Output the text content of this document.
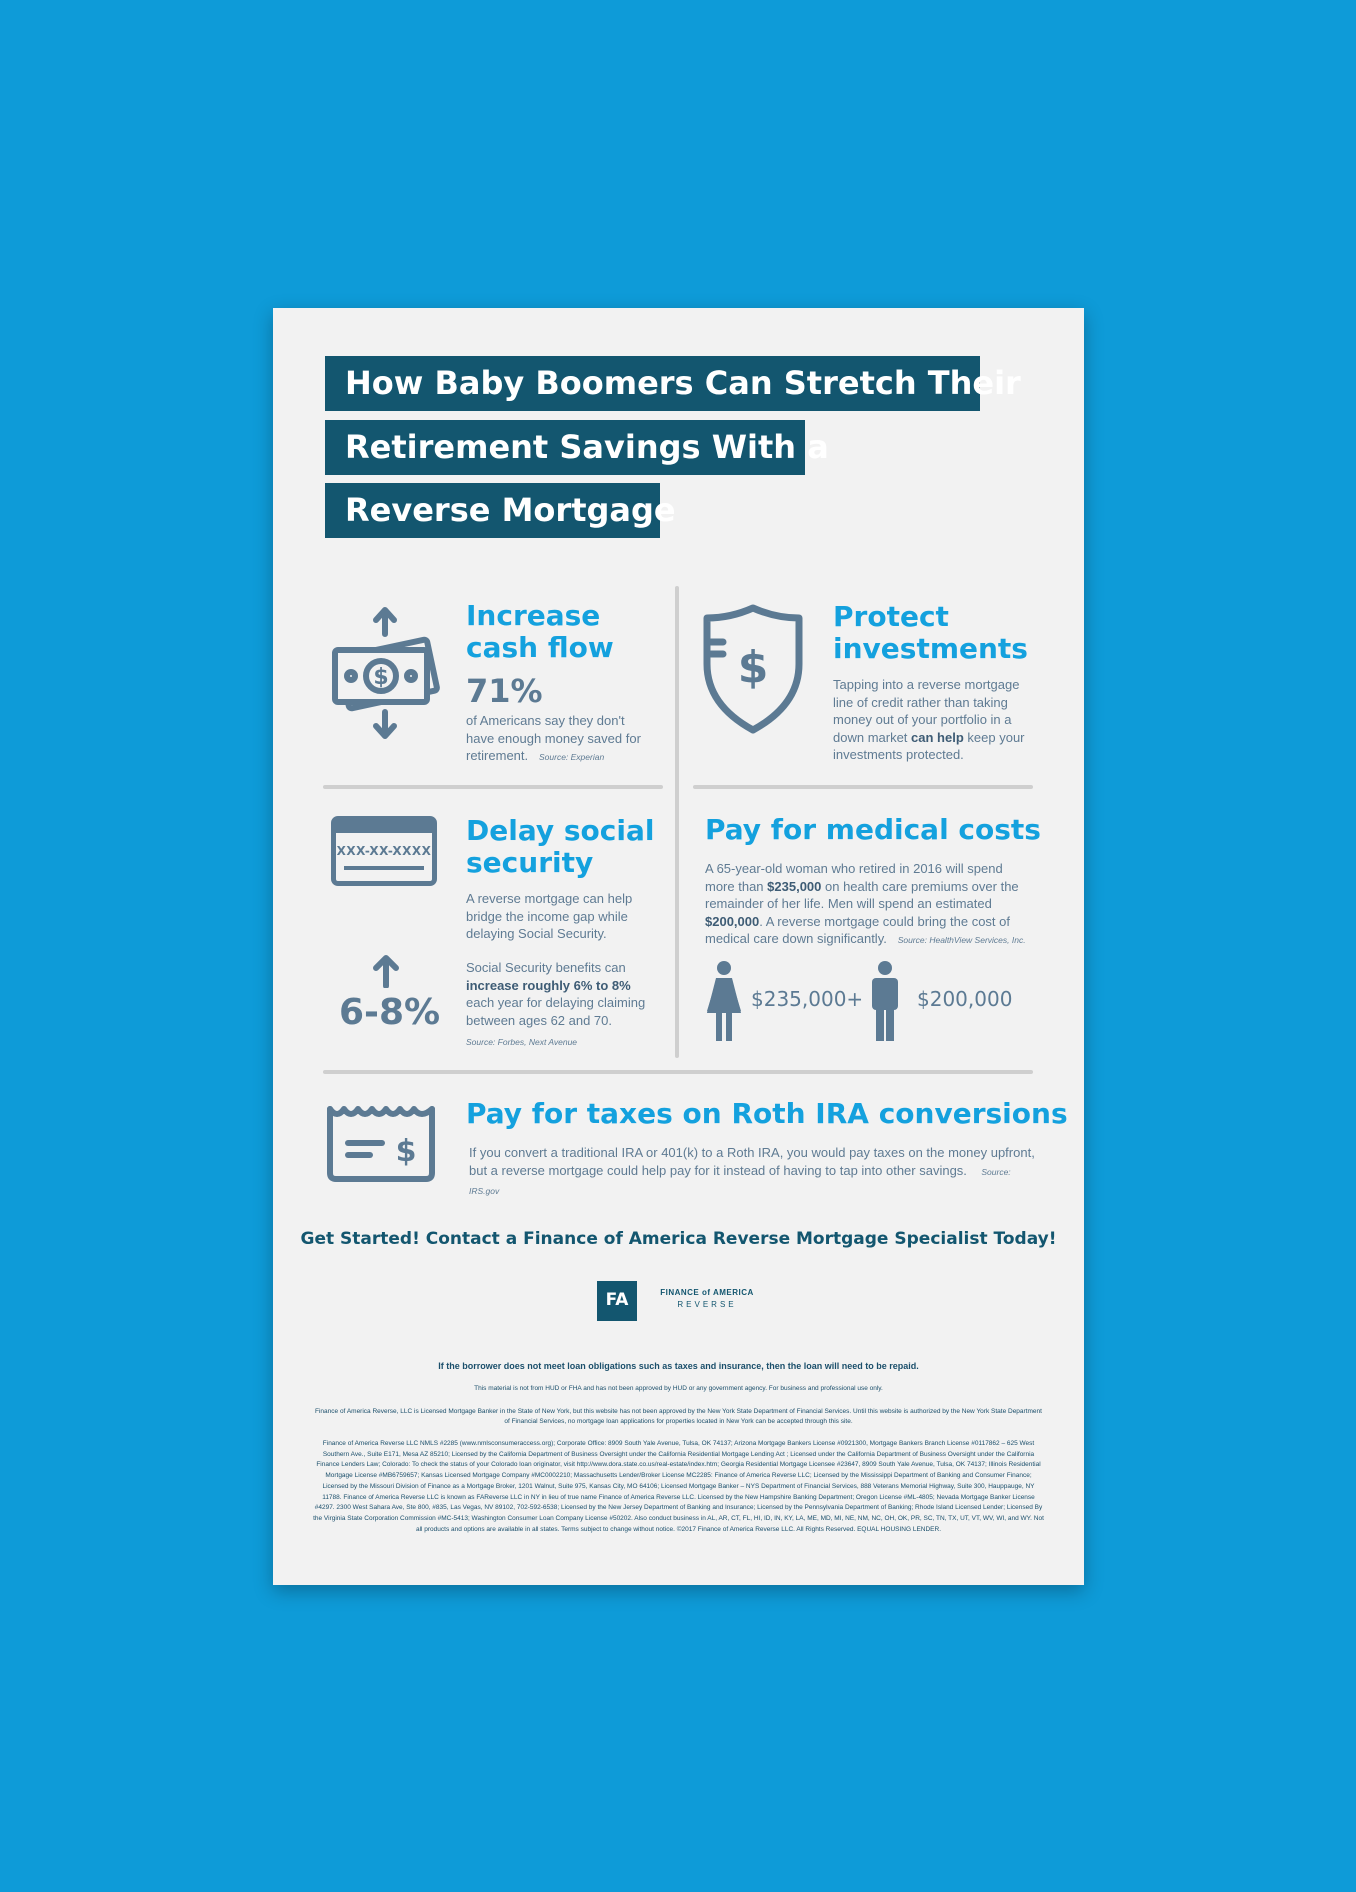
How Baby Boomers Can Stretch Their
Retirement Savings With a
Reverse Mortgage
$
Increase
cash flow
71%
of Americans say they don't have enough money saved for retirement. Source: Experian
$
Protect
investments
Tapping into a reverse mortgage line of credit rather than taking money out of your portfolio in a down market can help keep your investments protected.
XXX-XX-XXXX
Delay social
security
A reverse mortgage can help bridge the income gap while delaying Social Security.
6-8%
Social Security benefits can increase roughly 6% to 8% each year for delaying claiming between ages 62 and 70.
Source: Forbes, Next Avenue
Pay for medical costs
A 65-year-old woman who retired in 2016 will spend more than $235,000 on health care premiums over the remainder of her life. Men will spend an estimated $200,000. A reverse mortgage could bring the cost of medical care down significantly. Source: HealthView Services, Inc.
$235,000+	$200,000
$
Pay for taxes on Roth IRA conversions
If you convert a traditional IRA or 401(k) to a Roth IRA, you would pay taxes on the money upfront, but a reverse mortgage could help pay for it instead of having to tap into other savings. Source: IRS.gov
Get Started! Contact a Finance of America Reverse Mortgage Specialist Today!
FA	FINANCE of AMERICA
REVERSE
If the borrower does not meet loan obligations such as taxes and insurance, then the loan will need to be repaid.
This material is not from HUD or FHA and has not been approved by HUD or any government agency. For business and professional use only.
Finance of America Reverse, LLC is Licensed Mortgage Banker in the State of New York, but this website has not been approved by the New York State Department of Financial Services. Until this website is authorized by the New York State Department of Financial Services, no mortgage loan applications for properties located in New York can be accepted through this site.
Finance of America Reverse LLC NMLS #2285 (www.nmlsconsumeraccess.org); Corporate Office: 8909 South Yale Avenue, Tulsa, OK 74137; Arizona Mortgage Bankers License #0921300, Mortgage Bankers Branch License #0117862 – 625 West Southern Ave., Suite E171, Mesa AZ 85210; Licensed by the California Department of Business Oversight under the California Residential Mortgage Lending Act ; Licensed under the California Department of Business Oversight under the California Finance Lenders Law; Colorado: To check the status of your Colorado loan originator, visit http://www.dora.state.co.us/real-estate/index.htm; Georgia Residential Mortgage Licensee #23647, 8909 South Yale Avenue, Tulsa, OK 74137; Illinois Residential Mortgage License #MB6759657; Kansas Licensed Mortgage Company #MC0002210; Massachusetts Lender/Broker License MC2285: Finance of America Reverse LLC; Licensed by the Mississippi Department of Banking and Consumer Finance; Licensed by the Missouri Division of Finance as a Mortgage Broker, 1201 Walnut, Suite 975, Kansas City, MO 64106; Licensed Mortgage Banker – NYS Department of Financial Services, 888 Veterans Memorial Highway, Suite 300, Hauppauge, NY 11788. Finance of America Reverse LLC is known as FAReverse LLC in NY in lieu of true name Finance of America Reverse LLC. Licensed by the New Hampshire Banking Department; Oregon License #ML-4805; Nevada Mortgage Banker License #4297. 2300 West Sahara Ave, Ste 800, #835, Las Vegas, NV 89102, 702-592-6538; Licensed by the New Jersey Department of Banking and Insurance; Licensed by the Pennsylvania Department of Banking; Rhode Island Licensed Lender; Licensed By the Virginia State Corporation Commission #MC-5413; Washington Consumer Loan Company License #50202. Also conduct business in AL, AR, CT, FL, HI, ID, IN, KY, LA, ME, MD, MI, NE, NM, NC, OH, OK, PR, SC, TN, TX, UT, VT, WV, WI, and WY. Not all products and options are available in all states. Terms subject to change without notice. ©2017 Finance of America Reverse LLC. All Rights Reserved. EQUAL HOUSING LENDER.
